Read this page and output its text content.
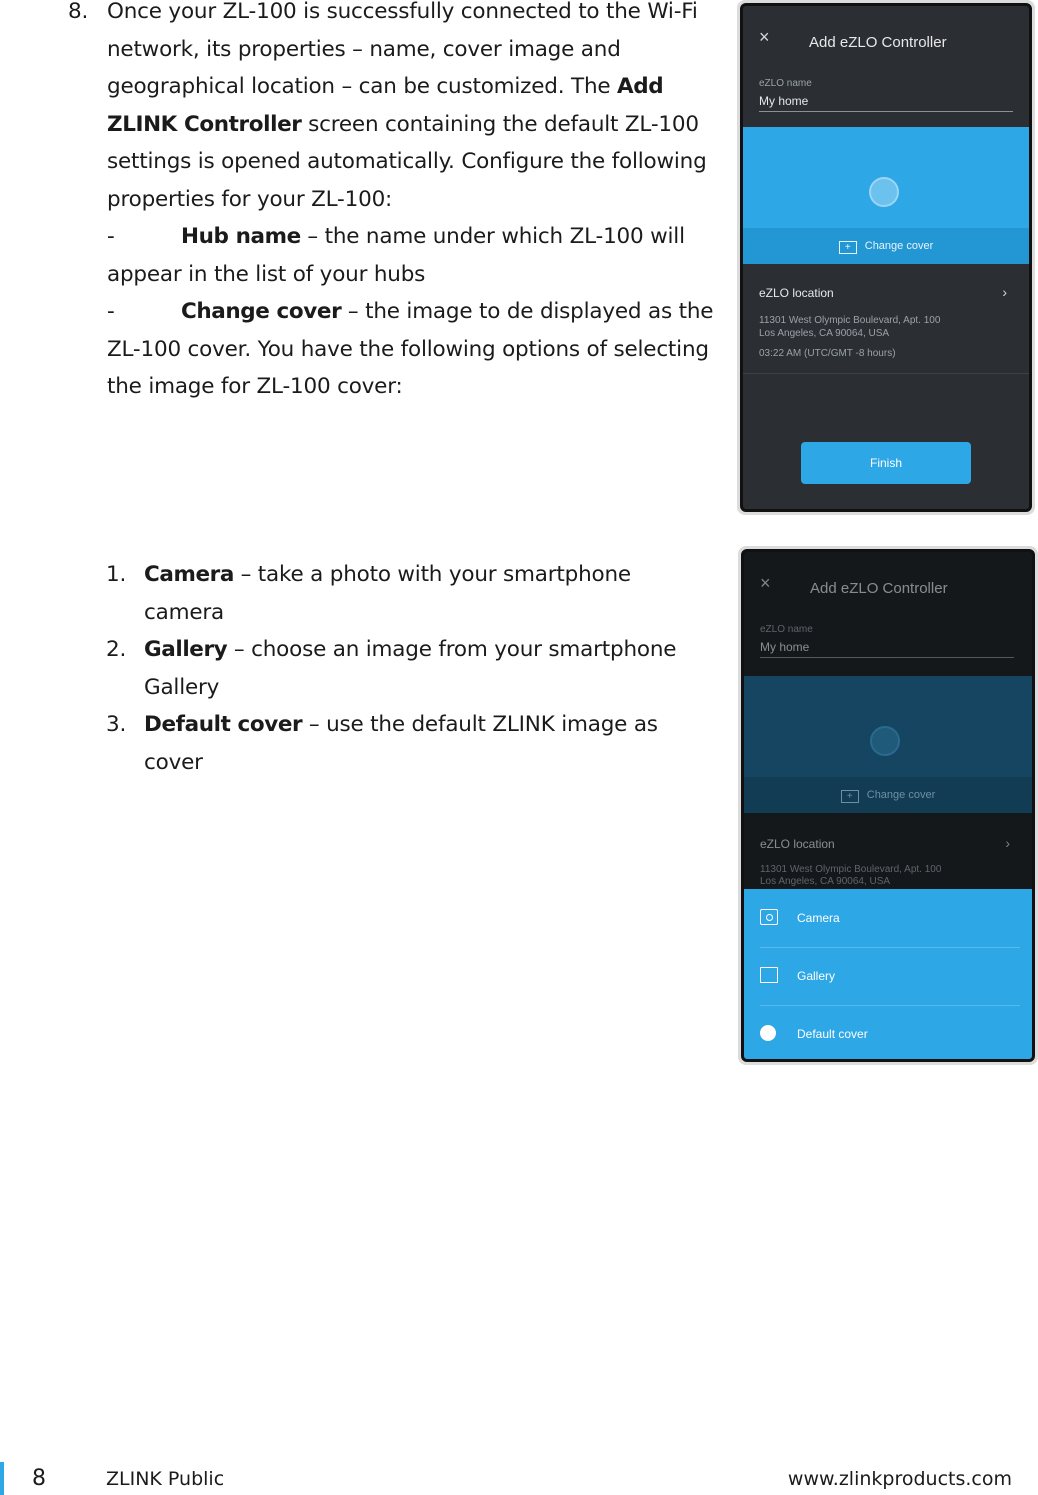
8. Once your ZL-100 is successfully connected to the Wi-Fi network, its properties – name, cover image and geographical location – can be customized. The Add ZLINK Controller screen containing the default ZL-100 settings is opened automatically. Configure the following properties for your ZL-100:

-	Hub name – the name under which ZL-100 will appear in the list of your hubs

-	Change cover – the image to de displayed as the ZL-100 cover. You have the following options of selecting the image for ZL-100 cover:

1. Camera – take a photo with your smartphone camera
2. Gallery – choose an image from your smartphone Gallery
3. Default cover – use the default ZLINK image as cover
×	Add eZLO Controller
eZLO name
My home
+ Change cover
eZLO location	›
11301 West Olympic Boulevard, Apt. 100
Los Angeles, CA 90064, USA
03:22 AM (UTC/GMT -8 hours)
Finish
×	Add eZLO Controller
eZLO name
My home
+ Change cover
eZLO location	›
11301 West Olympic Boulevard, Apt. 100
Los Angeles, CA 90064, USA
Camera
Gallery
Default cover
8	ZLINK Public	www.zlinkproducts.com
